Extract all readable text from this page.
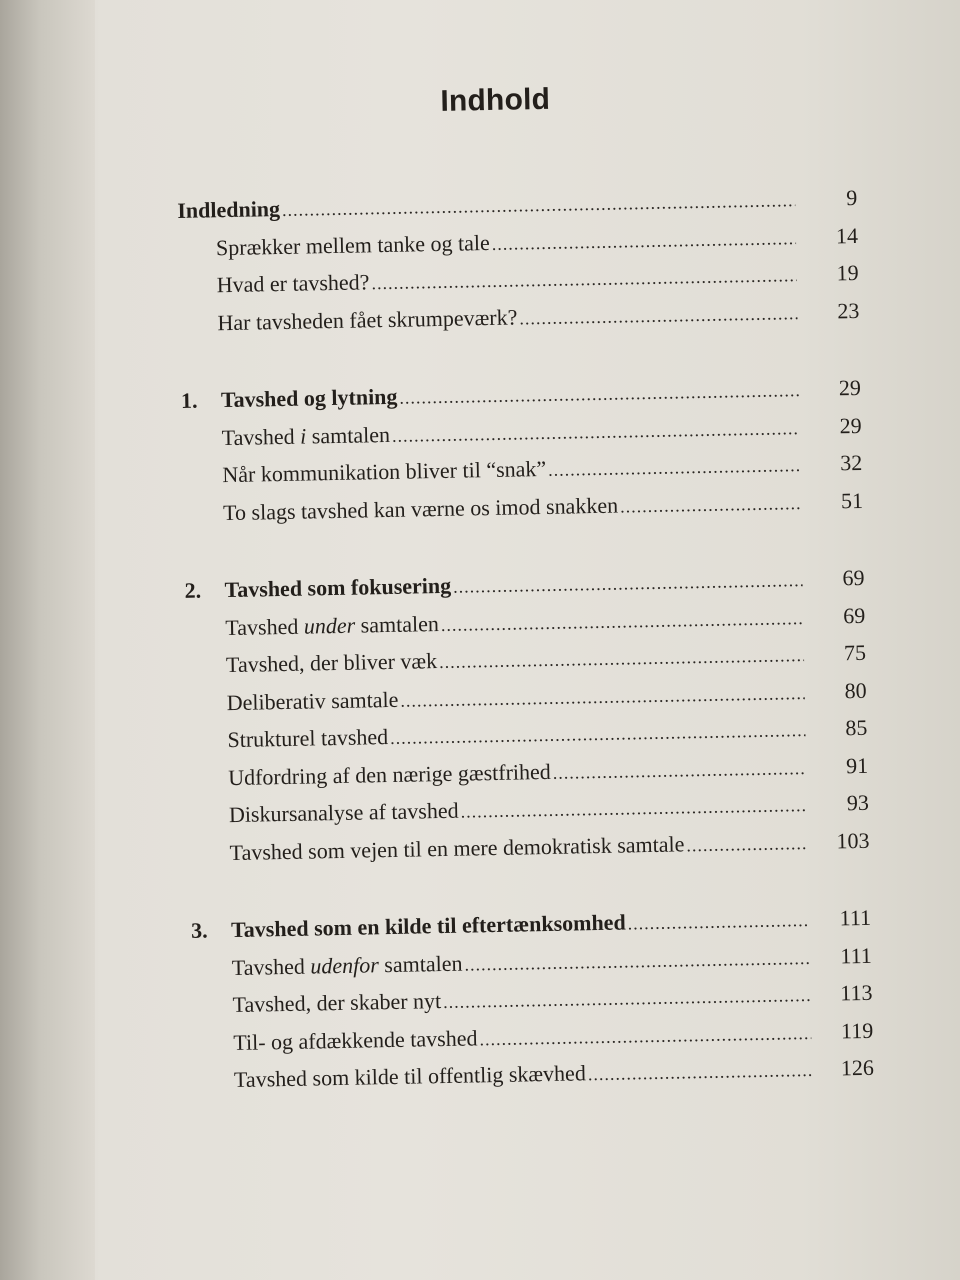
Indhold
Indledning .....	9
Sprækker mellem tanke og tale .....	14
Hvad er tavshed? .....	19
Har tavsheden fået skrumpeværk? .....	23
1.	Tavshed og lytning .....	29
Tavshed i samtalen .....	29
Når kommunikation bliver til “snak” .....	32
To slags tavshed kan værne os imod snakken .....	51
2.	Tavshed som fokusering .....	69
Tavshed under samtalen .....	69
Tavshed, der bliver væk .....	75
Deliberativ samtale .....	80
Strukturel tavshed .....	85
Udfordring af den nærige gæstfrihed .....	91
Diskursanalyse af tavshed .....	93
Tavshed som vejen til en mere demokratisk samtale .....	103
3.	Tavshed som en kilde til eftertænksomhed .....	111
Tavshed udenfor samtalen .....	111
Tavshed, der skaber nyt .....	113
Til- og afdækkende tavshed .....	119
Tavshed som kilde til offentlig skævhed .....	126
